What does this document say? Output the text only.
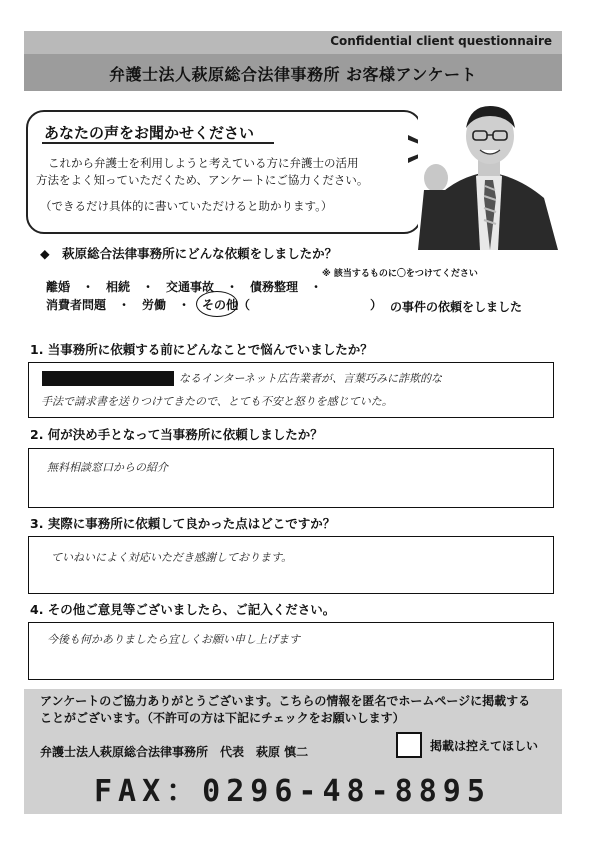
Confidential client questionnaire
弁護士法人萩原総合法律事務所 お客様アンケート
あなたの声をお聞かせください
これから弁護士を利用しようと考えている方に弁護士の活用
方法をよく知っていただくため、アンケートにご協力ください。
（できるだけ具体的に書いていただけると助かります。）
◆　萩原総合法律事務所にどんな依頼をしましたか？
※ 該当するものに〇をつけてください
離婚　・　相続　・　交通事故　・　債務整理　・
消費者問題　・　労働　・　その他（　　　　　　　　　　） の事件の依頼をしました
1. 当事務所に依頼する前にどんなことで悩んでいましたか？
なるインターネット広告業者が、言葉巧みに詐欺的な
手法で請求書を送りつけてきたので、とても不安と怒りを感じていた。
2. 何が決め手となって当事務所に依頼しましたか？
無料相談窓口からの紹介
3. 実際に事務所に依頼して良かった点はどこですか？
ていねいによく対応いただき感謝しております。
4. その他ご意見等ございましたら、ご記入ください。
今後も何かありましたら宜しくお願い申し上げます
アンケートのご協力ありがとうございます。こちらの情報を匿名でホームページに掲載する
ことがございます。（不許可の方は下記にチェックをお願いします）
弁護士法人萩原総合法律事務所　代表　萩原 慎二	掲載は控えてほしい
FAX：0296-48-8895
